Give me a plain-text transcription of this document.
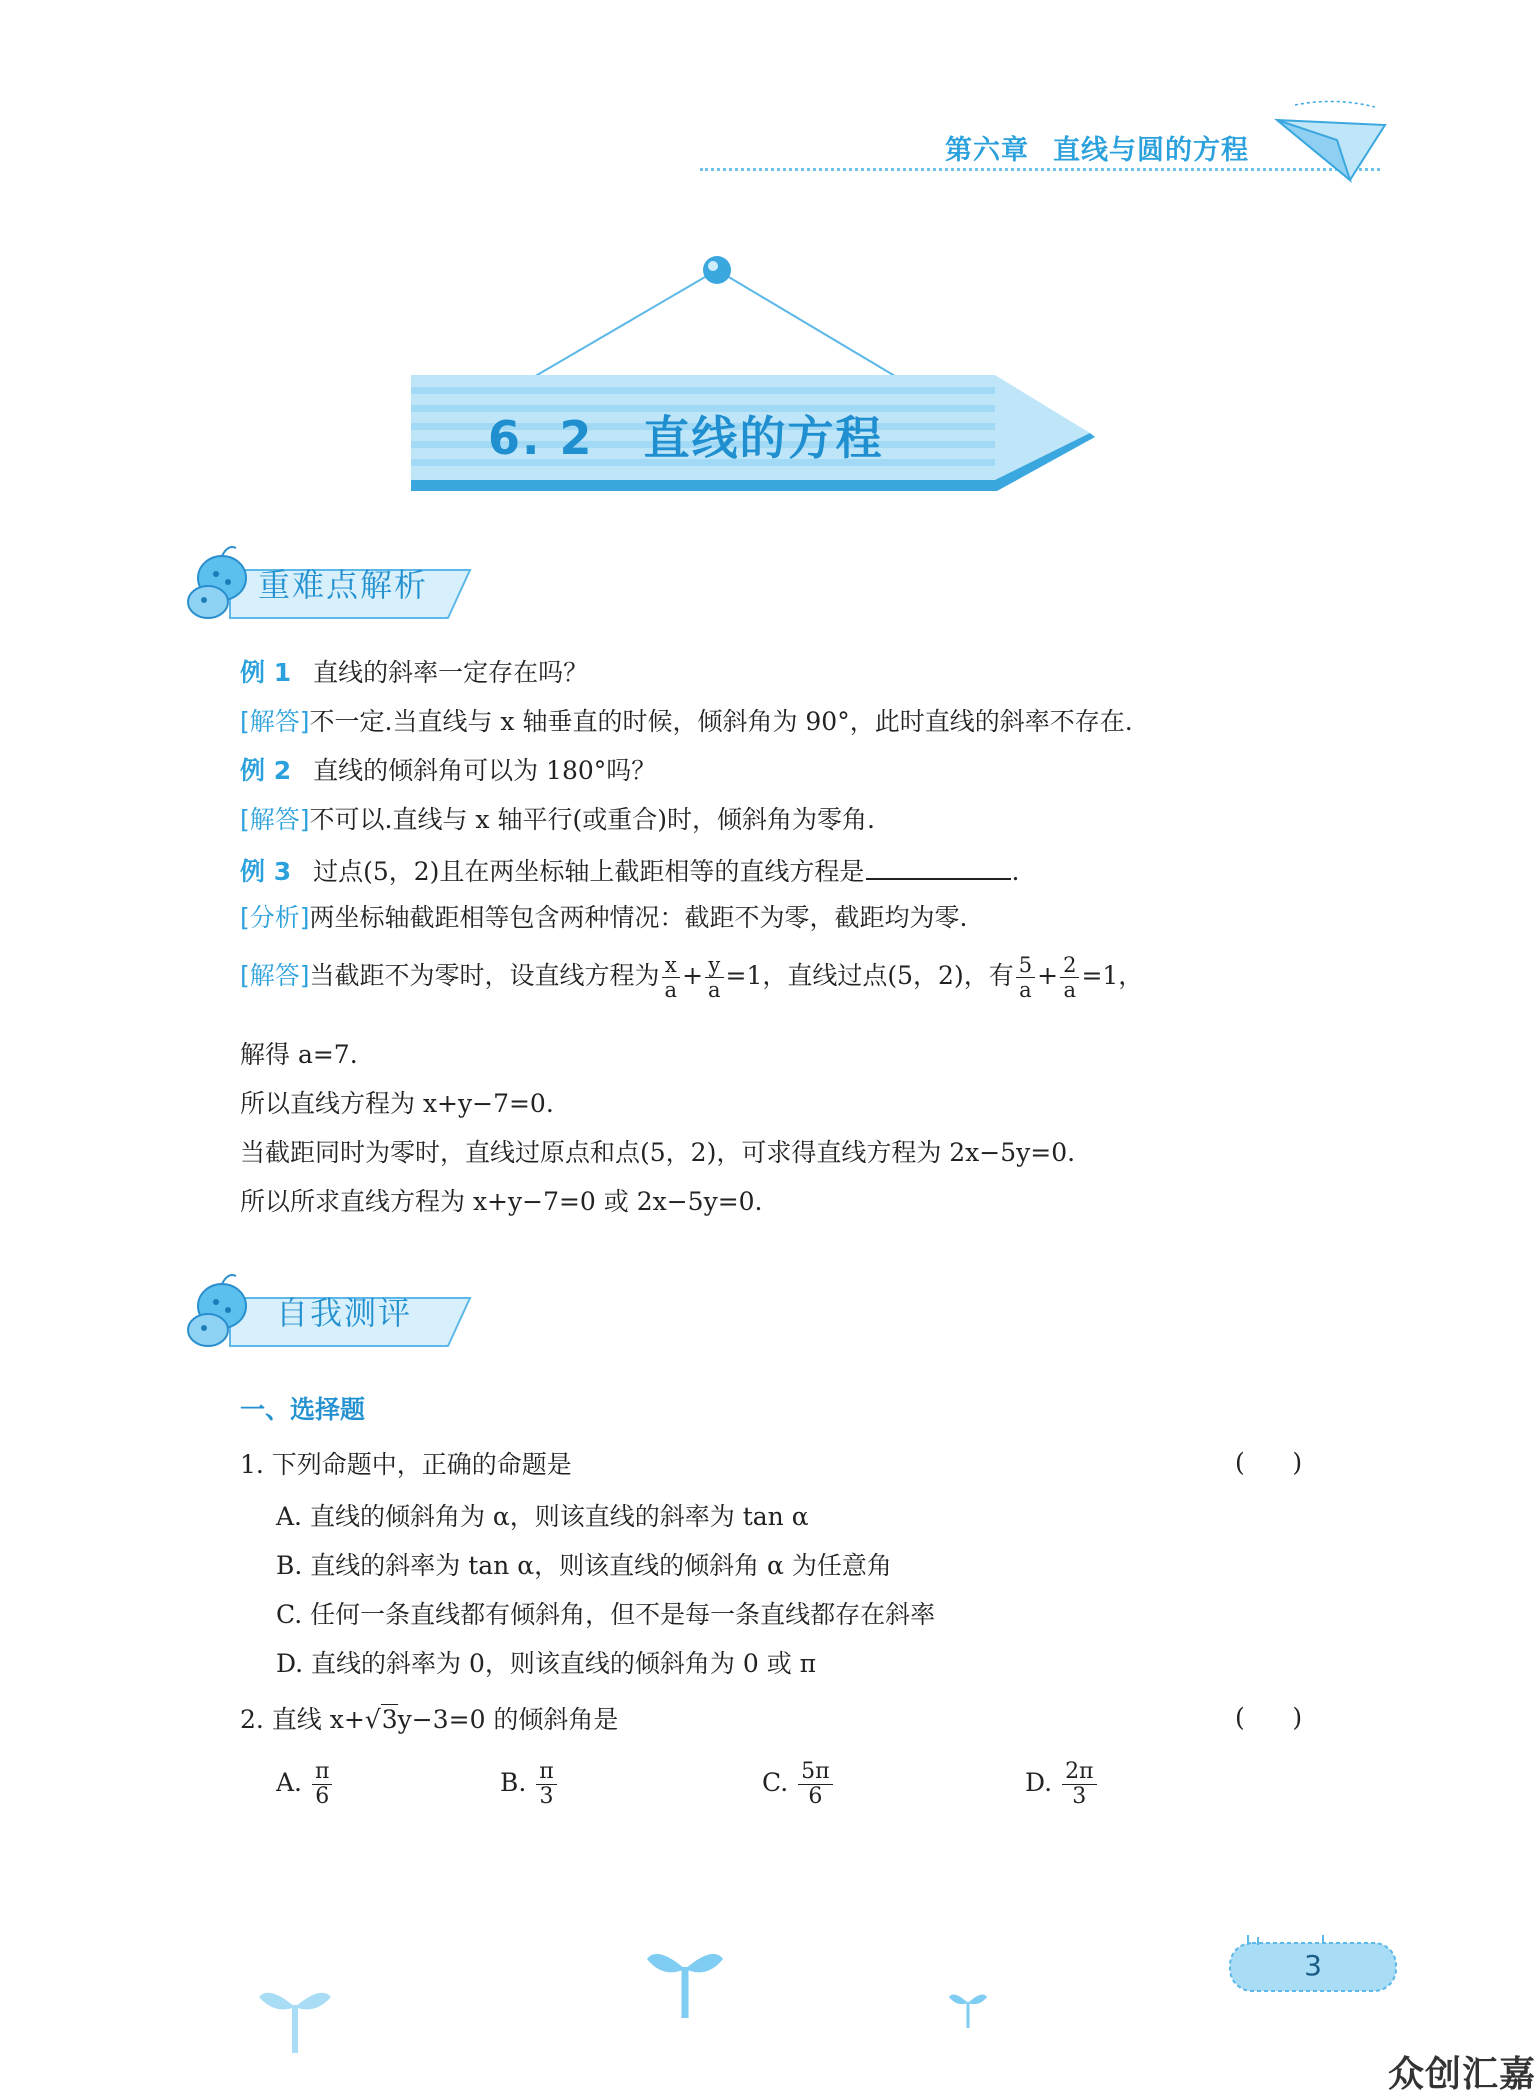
第六章 直线与圆的方程
6. 2 直线的方程
重难点解析
例 1 直线的斜率一定存在吗？
[解答]不一定.当直线与 x 轴垂直的时候，倾斜角为 90°，此时直线的斜率不存在.
例 2 直线的倾斜角可以为 180°吗？
[解答]不可以.直线与 x 轴平行(或重合)时，倾斜角为零角.
例 3 过点(5，2)且在两坐标轴上截距相等的直线方程是	.
[分析]两坐标轴截距相等包含两种情况：截距不为零，截距均为零.
[解答]当截距不为零时，设直线方程为 $\frac{x}{a} + \frac{y}{a} =1$，直线过点(5，2)，有 $\frac{5}{a} + \frac{2}{a} =1$，
解得 a=7.
所以直线方程为 x+y−7=0.
当截距同时为零时，直线过原点和点(5，2)，可求得直线方程为 2x−5y=0.
所以所求直线方程为 x+y−7=0 或 2x−5y=0.
自我测评
一、选择题
1. 下列命题中，正确的命题是	(      )
A. 直线的倾斜角为 α，则该直线的斜率为 tan α
B. 直线的斜率为 tan α，则该直线的倾斜角 α 为任意角
C. 任何一条直线都有倾斜角，但不是每一条直线都存在斜率
D. 直线的斜率为 0，则该直线的倾斜角为 0 或 π
2. 直线 x+√3y−3=0 的倾斜角是	(      )
A. $\frac{\pi}{6}$	B. $\frac{\pi}{3}$	C. $\frac{5\pi}{6}$	D. $\frac{2\pi}{3}$
3
众创汇嘉
